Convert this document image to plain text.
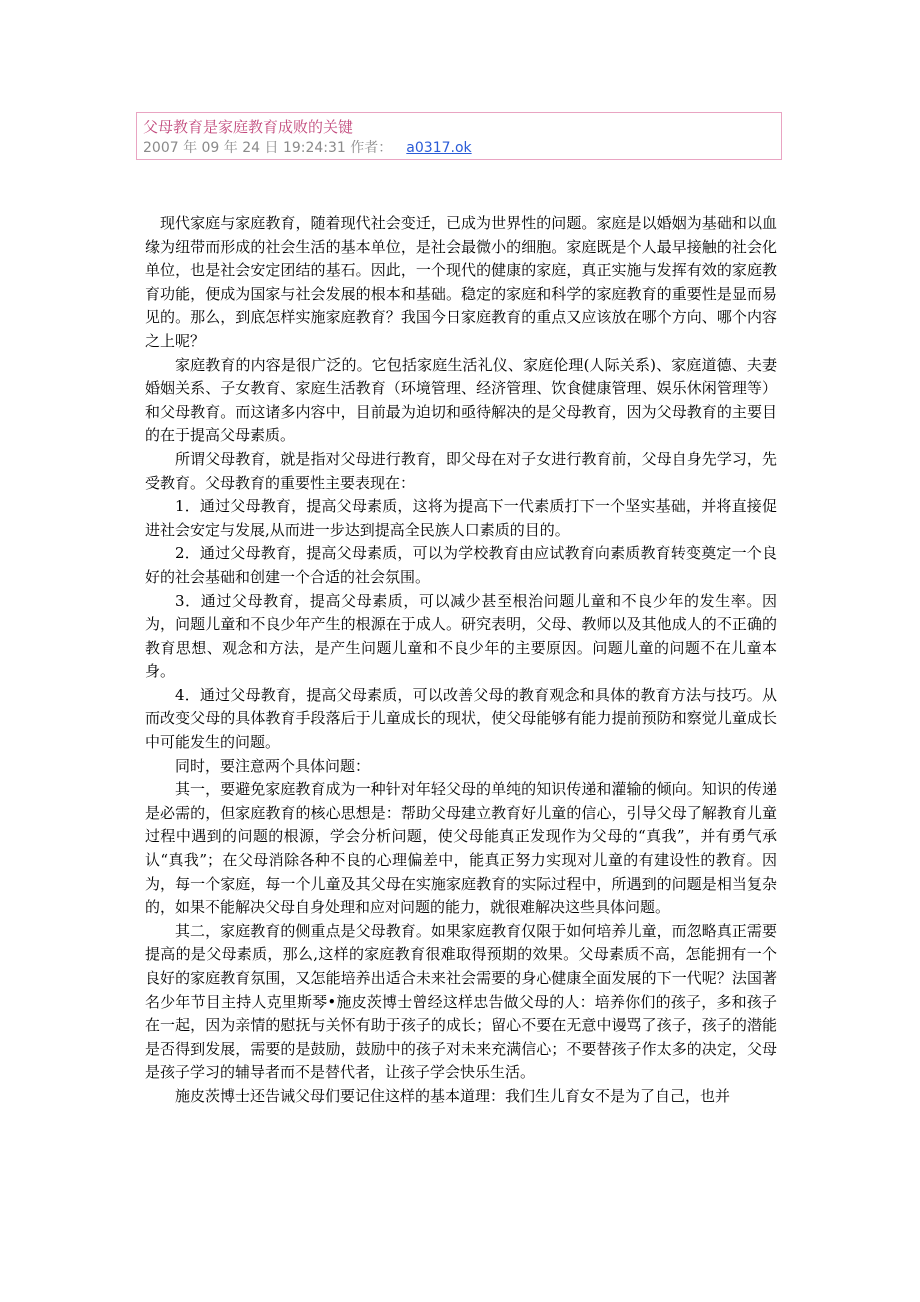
父母教育是家庭教育成败的关键
2007 年 09 年 24 日 19:24:31 作者： a0317.ok

现代家庭与家庭教育，随着现代社会变迁，已成为世界性的问题。家庭是以婚姻为基础和以血缘为纽带而形成的社会生活的基本单位，是社会最微小的细胞。家庭既是个人最早接触的社会化单位，也是社会安定团结的基石。因此，一个现代的健康的家庭，真正实施与发挥有效的家庭教育功能，便成为国家与社会发展的根本和基础。稳定的家庭和科学的家庭教育的重要性是显而易见的。那么，到底怎样实施家庭教育？我国今日家庭教育的重点又应该放在哪个方向、哪个内容之上呢？

家庭教育的内容是很广泛的。它包括家庭生活礼仪、家庭伦理(人际关系)、家庭道德、夫妻婚姻关系、子女教育、家庭生活教育（环境管理、经济管理、饮食健康管理、娱乐休闲管理等）和父母教育。而这诸多内容中，目前最为迫切和亟待解决的是父母教育，因为父母教育的主要目的在于提高父母素质。

所谓父母教育，就是指对父母进行教育，即父母在对子女进行教育前，父母自身先学习，先受教育。父母教育的重要性主要表现在：

1．通过父母教育，提高父母素质，这将为提高下一代素质打下一个坚实基础，并将直接促进社会安定与发展,从而进一步达到提高全民族人口素质的目的。

2．通过父母教育，提高父母素质，可以为学校教育由应试教育向素质教育转变奠定一个良好的社会基础和创建一个合适的社会氛围。

3．通过父母教育，提高父母素质，可以减少甚至根治问题儿童和不良少年的发生率。因为，问题儿童和不良少年产生的根源在于成人。研究表明，父母、教师以及其他成人的不正确的教育思想、观念和方法，是产生问题儿童和不良少年的主要原因。问题儿童的问题不在儿童本身。

4．通过父母教育，提高父母素质，可以改善父母的教育观念和具体的教育方法与技巧。从而改变父母的具体教育手段落后于儿童成长的现状，使父母能够有能力提前预防和察觉儿童成长中可能发生的问题。

同时，要注意两个具体问题：

其一，要避免家庭教育成为一种针对年轻父母的单纯的知识传递和灌输的倾向。知识的传递是必需的，但家庭教育的核心思想是：帮助父母建立教育好儿童的信心，引导父母了解教育儿童过程中遇到的问题的根源，学会分析问题，使父母能真正发现作为父母的“真我”，并有勇气承认“真我”；在父母消除各种不良的心理偏差中，能真正努力实现对儿童的有建设性的教育。因为，每一个家庭，每一个儿童及其父母在实施家庭教育的实际过程中，所遇到的问题是相当复杂的，如果不能解决父母自身处理和应对问题的能力，就很难解决这些具体问题。

其二，家庭教育的侧重点是父母教育。如果家庭教育仅限于如何培养儿童，而忽略真正需要提高的是父母素质，那么,这样的家庭教育很难取得预期的效果。父母素质不高，怎能拥有一个良好的家庭教育氛围，又怎能培养出适合未来社会需要的身心健康全面发展的下一代呢？法国著名少年节目主持人克里斯琴•施皮茨博士曾经这样忠告做父母的人：培养你们的孩子，多和孩子在一起，因为亲情的慰抚与关怀有助于孩子的成长；留心不要在无意中谩骂了孩子，孩子的潜能是否得到发展，需要的是鼓励，鼓励中的孩子对未来充满信心；不要替孩子作太多的决定，父母是孩子学习的辅导者而不是替代者，让孩子学会快乐生活。

施皮茨博士还告诫父母们要记住这样的基本道理：我们生儿育女不是为了自己，也并
